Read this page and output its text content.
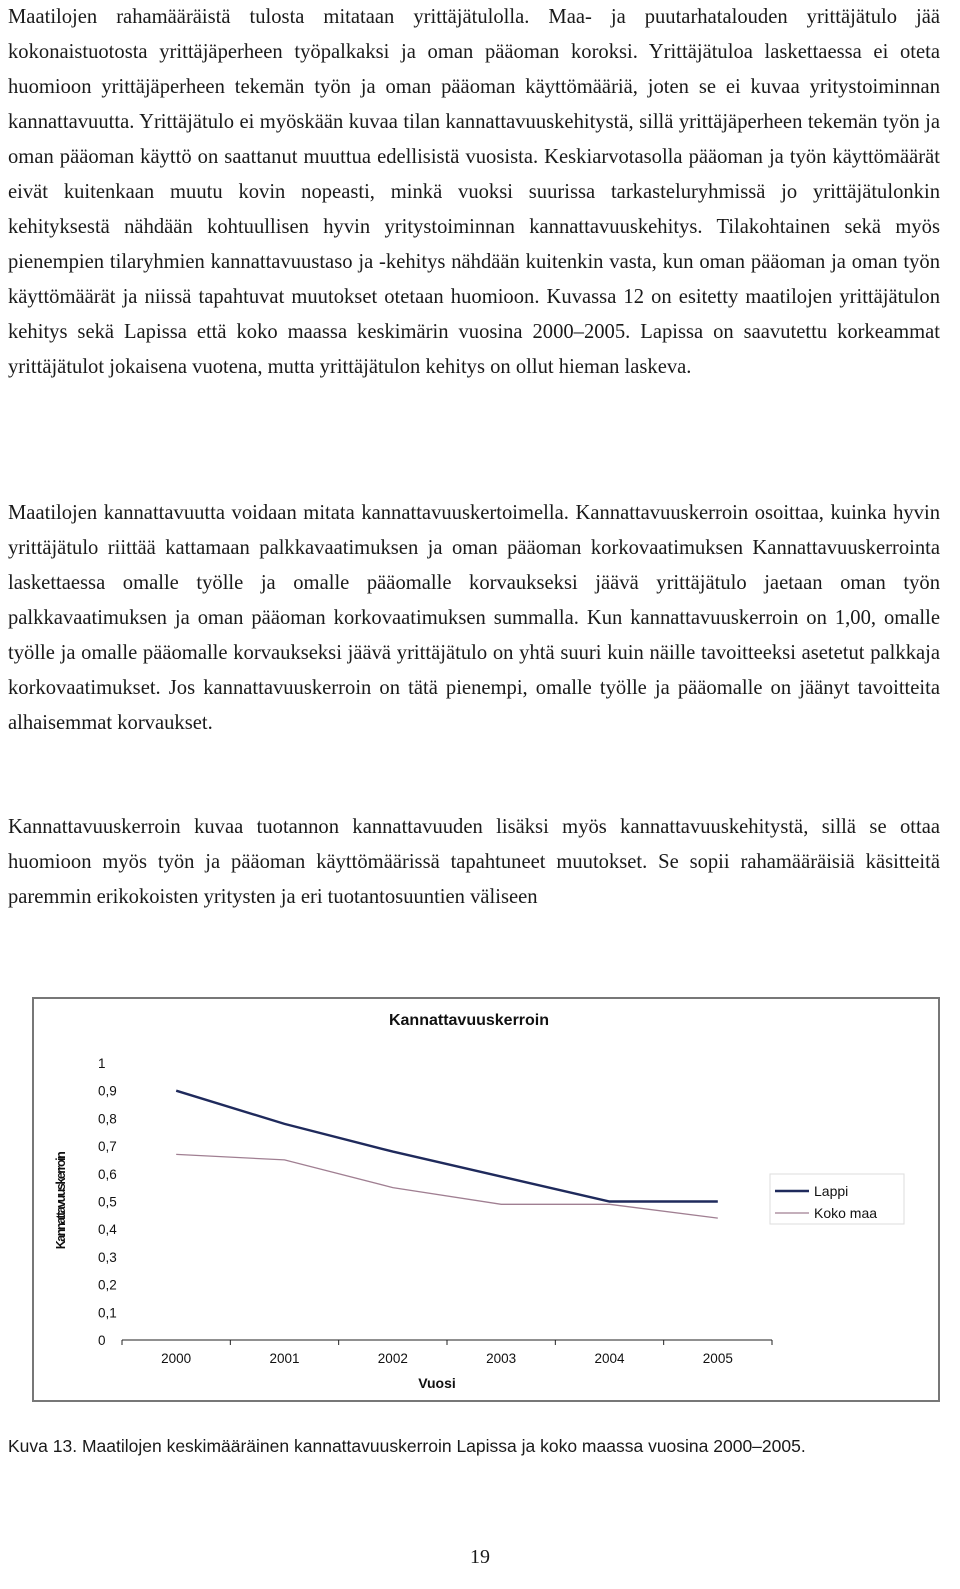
Maatilojen rahamääräistä tulosta mitataan yrittäjätulolla. Maa- ja puutarhatalouden yrittäjätulo jää kokonaistuotosta yrittäjäperheen työpalkaksi ja oman pääoman koroksi. Yrittäjätuloa laskettaessa ei oteta huomioon yrittäjäperheen tekemän työn ja oman pääoman käyttömääriä, joten se ei kuvaa yritystoiminnan kannattavuutta. Yrittäjätulo ei myöskään kuvaa tilan kannattavuuskehitystä, sillä yrittäjäperheen tekemän työn ja oman pääoman käyttö on saattanut muuttua edellisistä vuosista. Keskiarvotasolla pääoman ja työn käyttömäärät eivät kuitenkaan muutu kovin nopeasti, minkä vuoksi suurissa tarkasteluryhmissä jo yrittäjätulonkin kehityksestä nähdään kohtuullisen hyvin yritystoiminnan kannattavuuskehitys. Tilakohtainen sekä myös pienempien tilaryhmien kannattavuustaso ja -kehitys nähdään kuitenkin vasta, kun oman pääoman ja oman työn käyttömäärät ja niissä tapahtuvat muutokset otetaan huomioon. Kuvassa 12 on esitetty maatilojen yrittäjätulon kehitys sekä Lapissa että koko maassa keskimärin vuosina 2000–2005. Lapissa on saavutettu korkeammat yrittäjätulot jokaisena vuotena, mutta yrittäjätulon kehitys on ollut hieman laskeva.

Maatilojen kannattavuutta voidaan mitata kannattavuuskertoimella. Kannattavuuskerroin osoittaa, kuinka hyvin yrittäjätulo riittää kattamaan palkkavaatimuksen ja oman pääoman korkovaatimuksen Kannattavuuskerrointa laskettaessa omalle työlle ja omalle pääomalle korvaukseksi jäävä yrittäjätulo jaetaan oman työn palkkavaatimuksen ja oman pääoman korkovaatimuksen summalla. Kun kannattavuuskerroin on 1,00, omalle työlle ja omalle pääomalle korvaukseksi jäävä yrittäjätulo on yhtä suuri kuin näille tavoitteeksi asetetut palkkaja korkovaatimukset. Jos kannattavuuskerroin on tätä pienempi, omalle työlle ja pääomalle on jäänyt tavoitteita alhaisemmat korvaukset.

Kannattavuuskerroin kuvaa tuotannon kannattavuuden lisäksi myös kannattavuuskehitystä, sillä se ottaa huomioon myös työn ja pääoman käyttömäärissä tapahtuneet muutokset. Se sopii rahamääräisiä käsitteitä paremmin erikokoisten yritysten ja eri tuotantosuuntien väliseen

Kannattavuuskerroin
0
0,1
0,2
0,3
0,4
0,5
0,6
0,7
0,8
0,9
1
2000	2001	2002	2003	2004	2005
Vuosi
Kannattavuuskerroin	Lappi
Koko maa

Kuva 13. Maatilojen keskimääräinen kannattavuuskerroin Lapissa ja koko maassa vuosina 2000–2005.

19
